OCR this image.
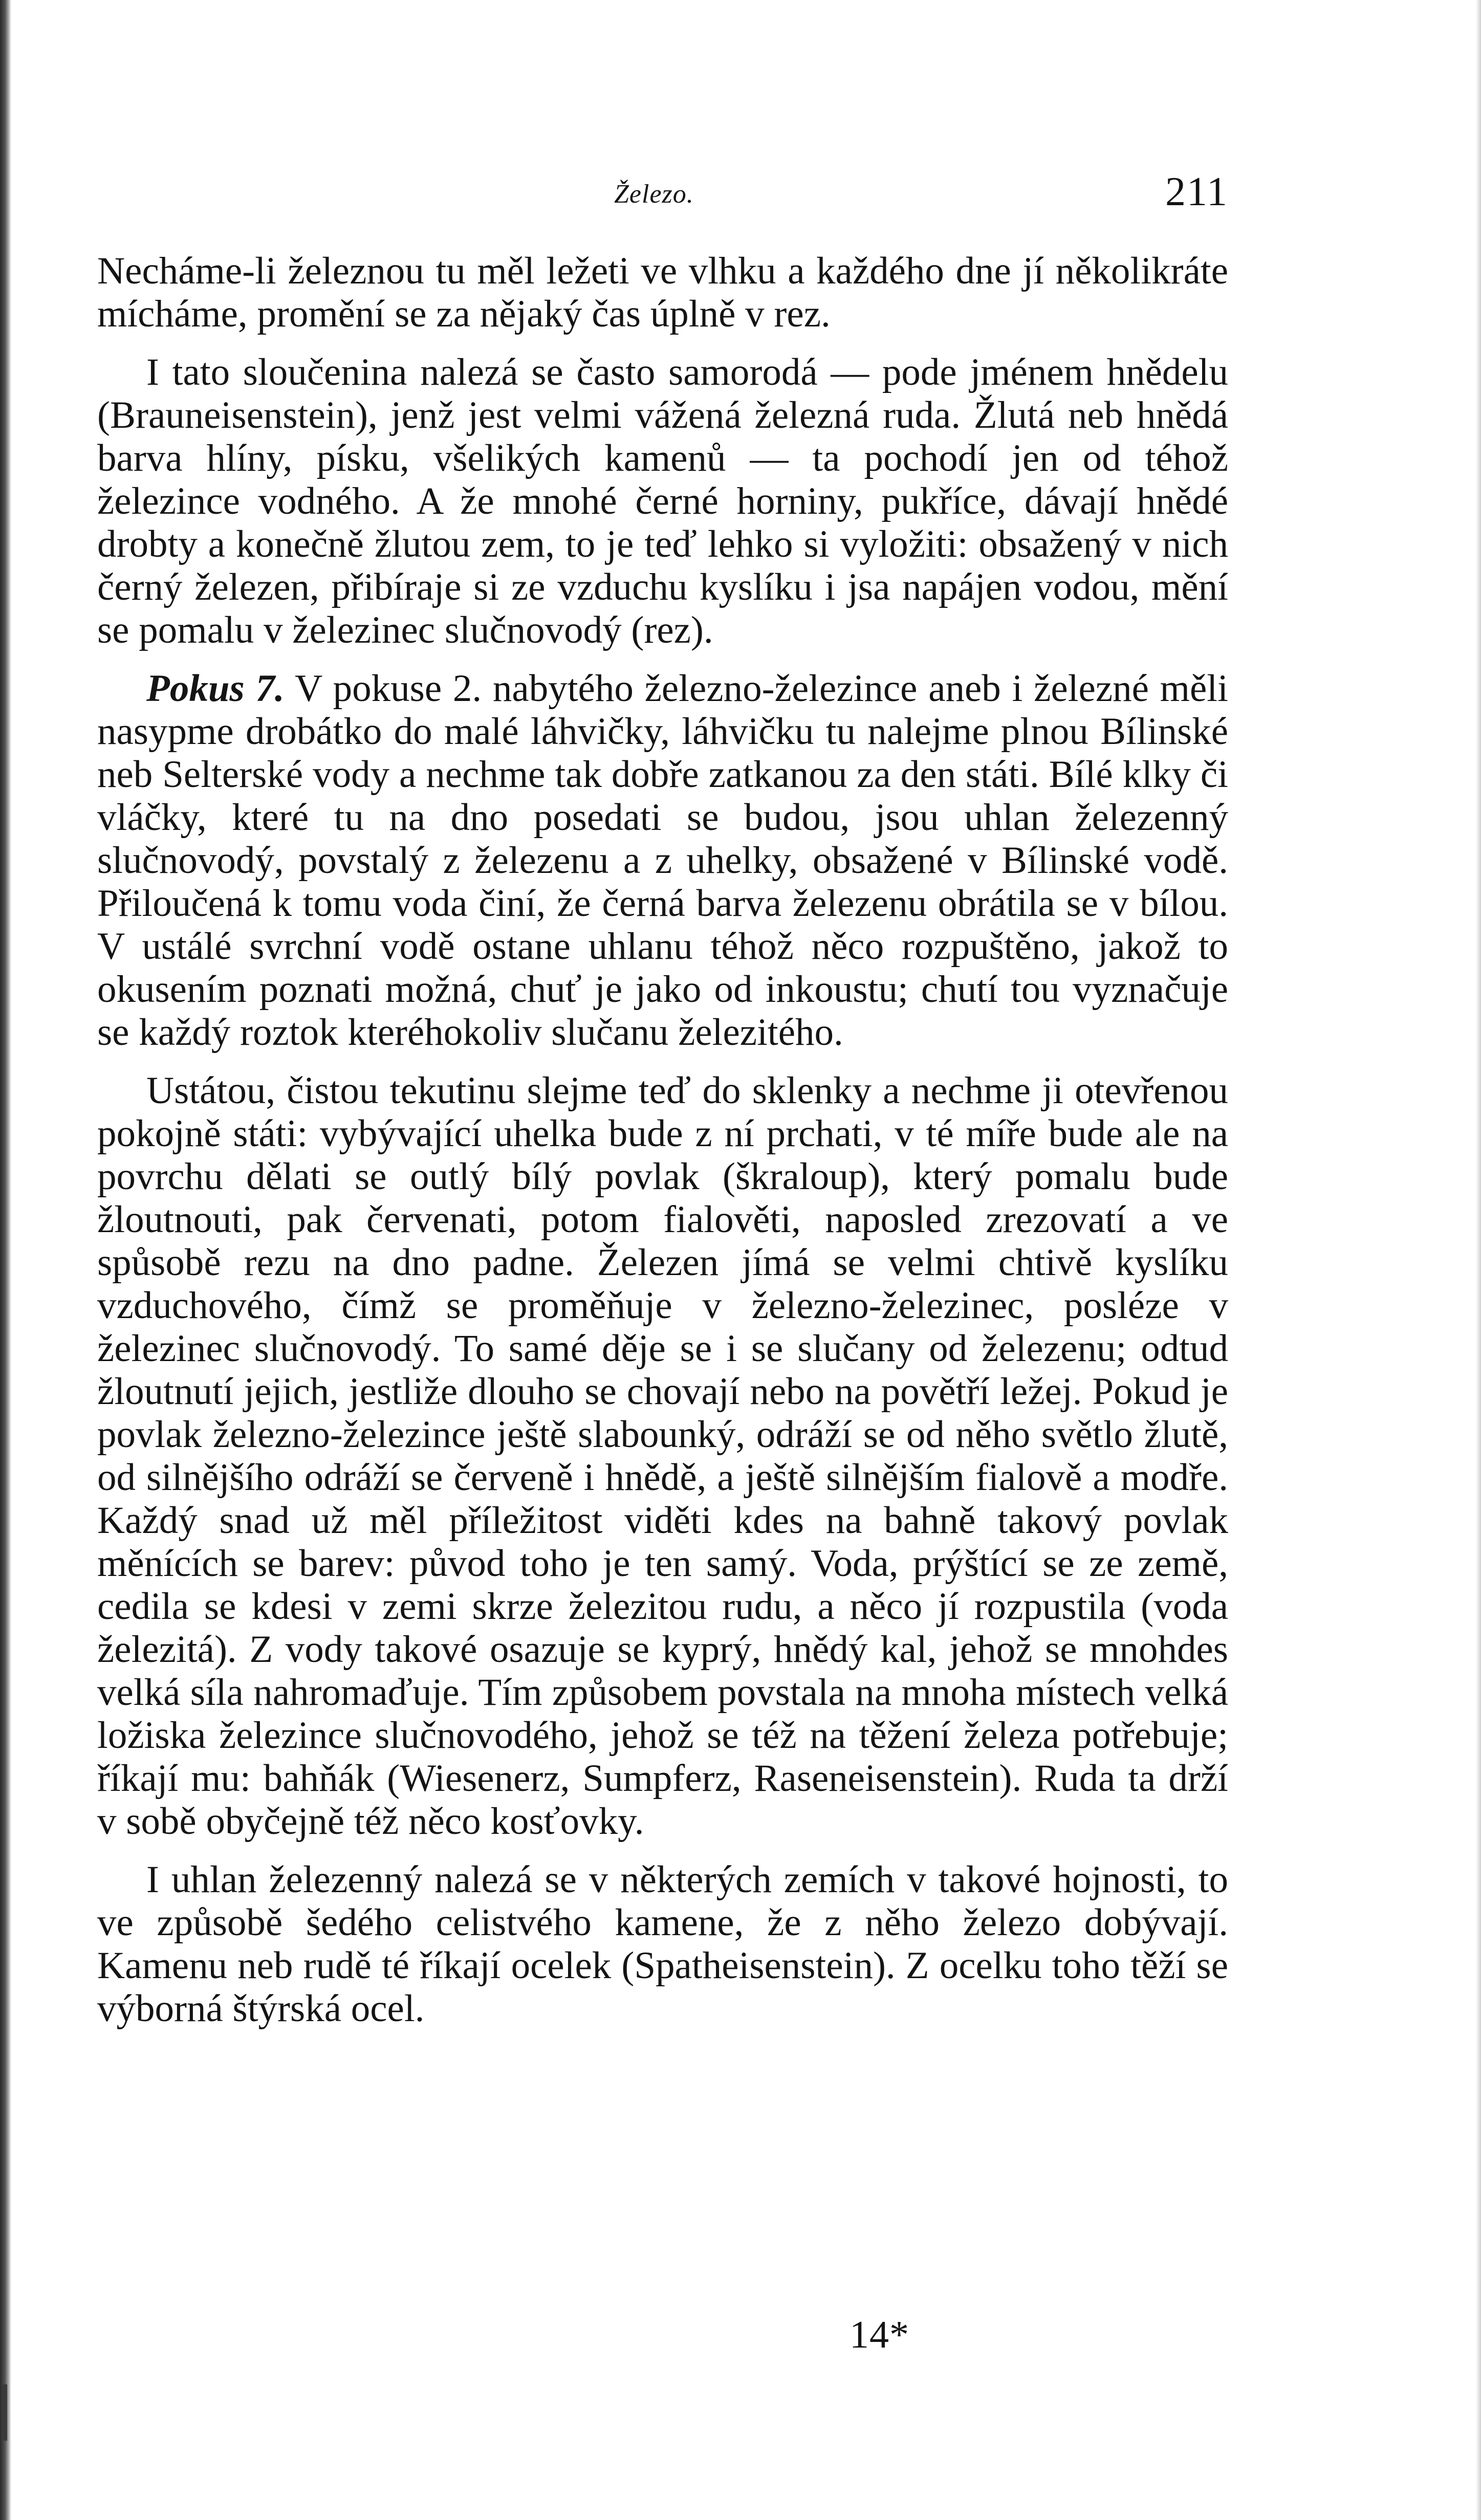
Železo.	211

Necháme-li železnou tu měl ležeti ve vlhku a každého dne jí několikráte mícháme, promění se za nějaký čas úplně v rez.

I tato sloučenina nalezá se často samorodá — pode jménem hnědelu (Brauneisenstein), jenž jest velmi vážená železná ruda. Žlutá neb hnědá barva hlíny, písku, všelikých kamenů — ta pochodí jen od téhož železince vodného. A že mnohé černé horniny, pukříce, dávají hnědé drobty a konečně žlutou zem, to je teď lehko si vyložiti: obsažený v nich černý železen, přibíraje si ze vzduchu kyslíku i jsa napájen vodou, mění se pomalu v železinec slučnovodý (rez).

Pokus 7. V pokuse 2. nabytého železno-železince aneb i železné měli nasypme drobátko do malé láhvičky, láhvičku tu nalejme plnou Bílinské neb Selterské vody a nechme tak dobře zatkanou za den státi. Bílé klky či vláčky, které tu na dno posedati se budou, jsou uhlan železenný slučnovodý, povstalý z železenu a z uhelky, obsažené v Bílinské vodě. Přiloučená k tomu voda činí, že černá barva železenu obrátila se v bílou. V ustálé svrchní vodě ostane uhlanu téhož něco rozpuštěno, jakož to okusením poznati možná, chuť je jako od inkoustu; chutí tou vyznačuje se každý roztok kteréhokoliv slučanu železitého.

Ustátou, čistou tekutinu slejme teď do sklenky a nechme ji otevřenou pokojně státi: vybývající uhelka bude z ní prchati, v té míře bude ale na povrchu dělati se outlý bílý povlak (škraloup), který pomalu bude žloutnouti, pak červenati, potom fialověti, naposled zrezovatí a ve spůsobě rezu na dno padne. Železen jímá se velmi chtivě kyslíku vzduchového, čímž se proměňuje v železno-železinec, posléze v železinec slučnovodý. To samé děje se i se slučany od železenu; odtud žloutnutí jejich, jestliže dlouho se chovají nebo na povětří ležej. Pokud je povlak železno-železince ještě slabounký, odráží se od něho světlo žlutě, od silnějšího odráží se červeně i hnědě, a ještě silnějším fialově a modře. Každý snad už měl příležitost viděti kdes na bahně takový povlak měnících se barev: původ toho je ten samý. Voda, prýštící se ze země, cedila se kdesi v zemi skrze železitou rudu, a něco jí rozpustila (voda železitá). Z vody takové osazuje se kyprý, hnědý kal, jehož se mnohdes velká síla nahromaďuje. Tím způsobem povstala na mnoha místech velká ložiska železince slučnovodého, jehož se též na těžení železa potřebuje; říkají mu: bahňák (Wiesenerz, Sumpferz, Raseneisenstein). Ruda ta drží v sobě obyčejně též něco kosťovky.

I uhlan železenný nalezá se v některých zemích v takové hojnosti, to ve způsobě šedého celistvého kamene, že z něho železo dobývají. Kamenu neb rudě té říkají ocelek (Spatheisenstein). Z ocelku toho těží se výborná štýrská ocel.

14*
